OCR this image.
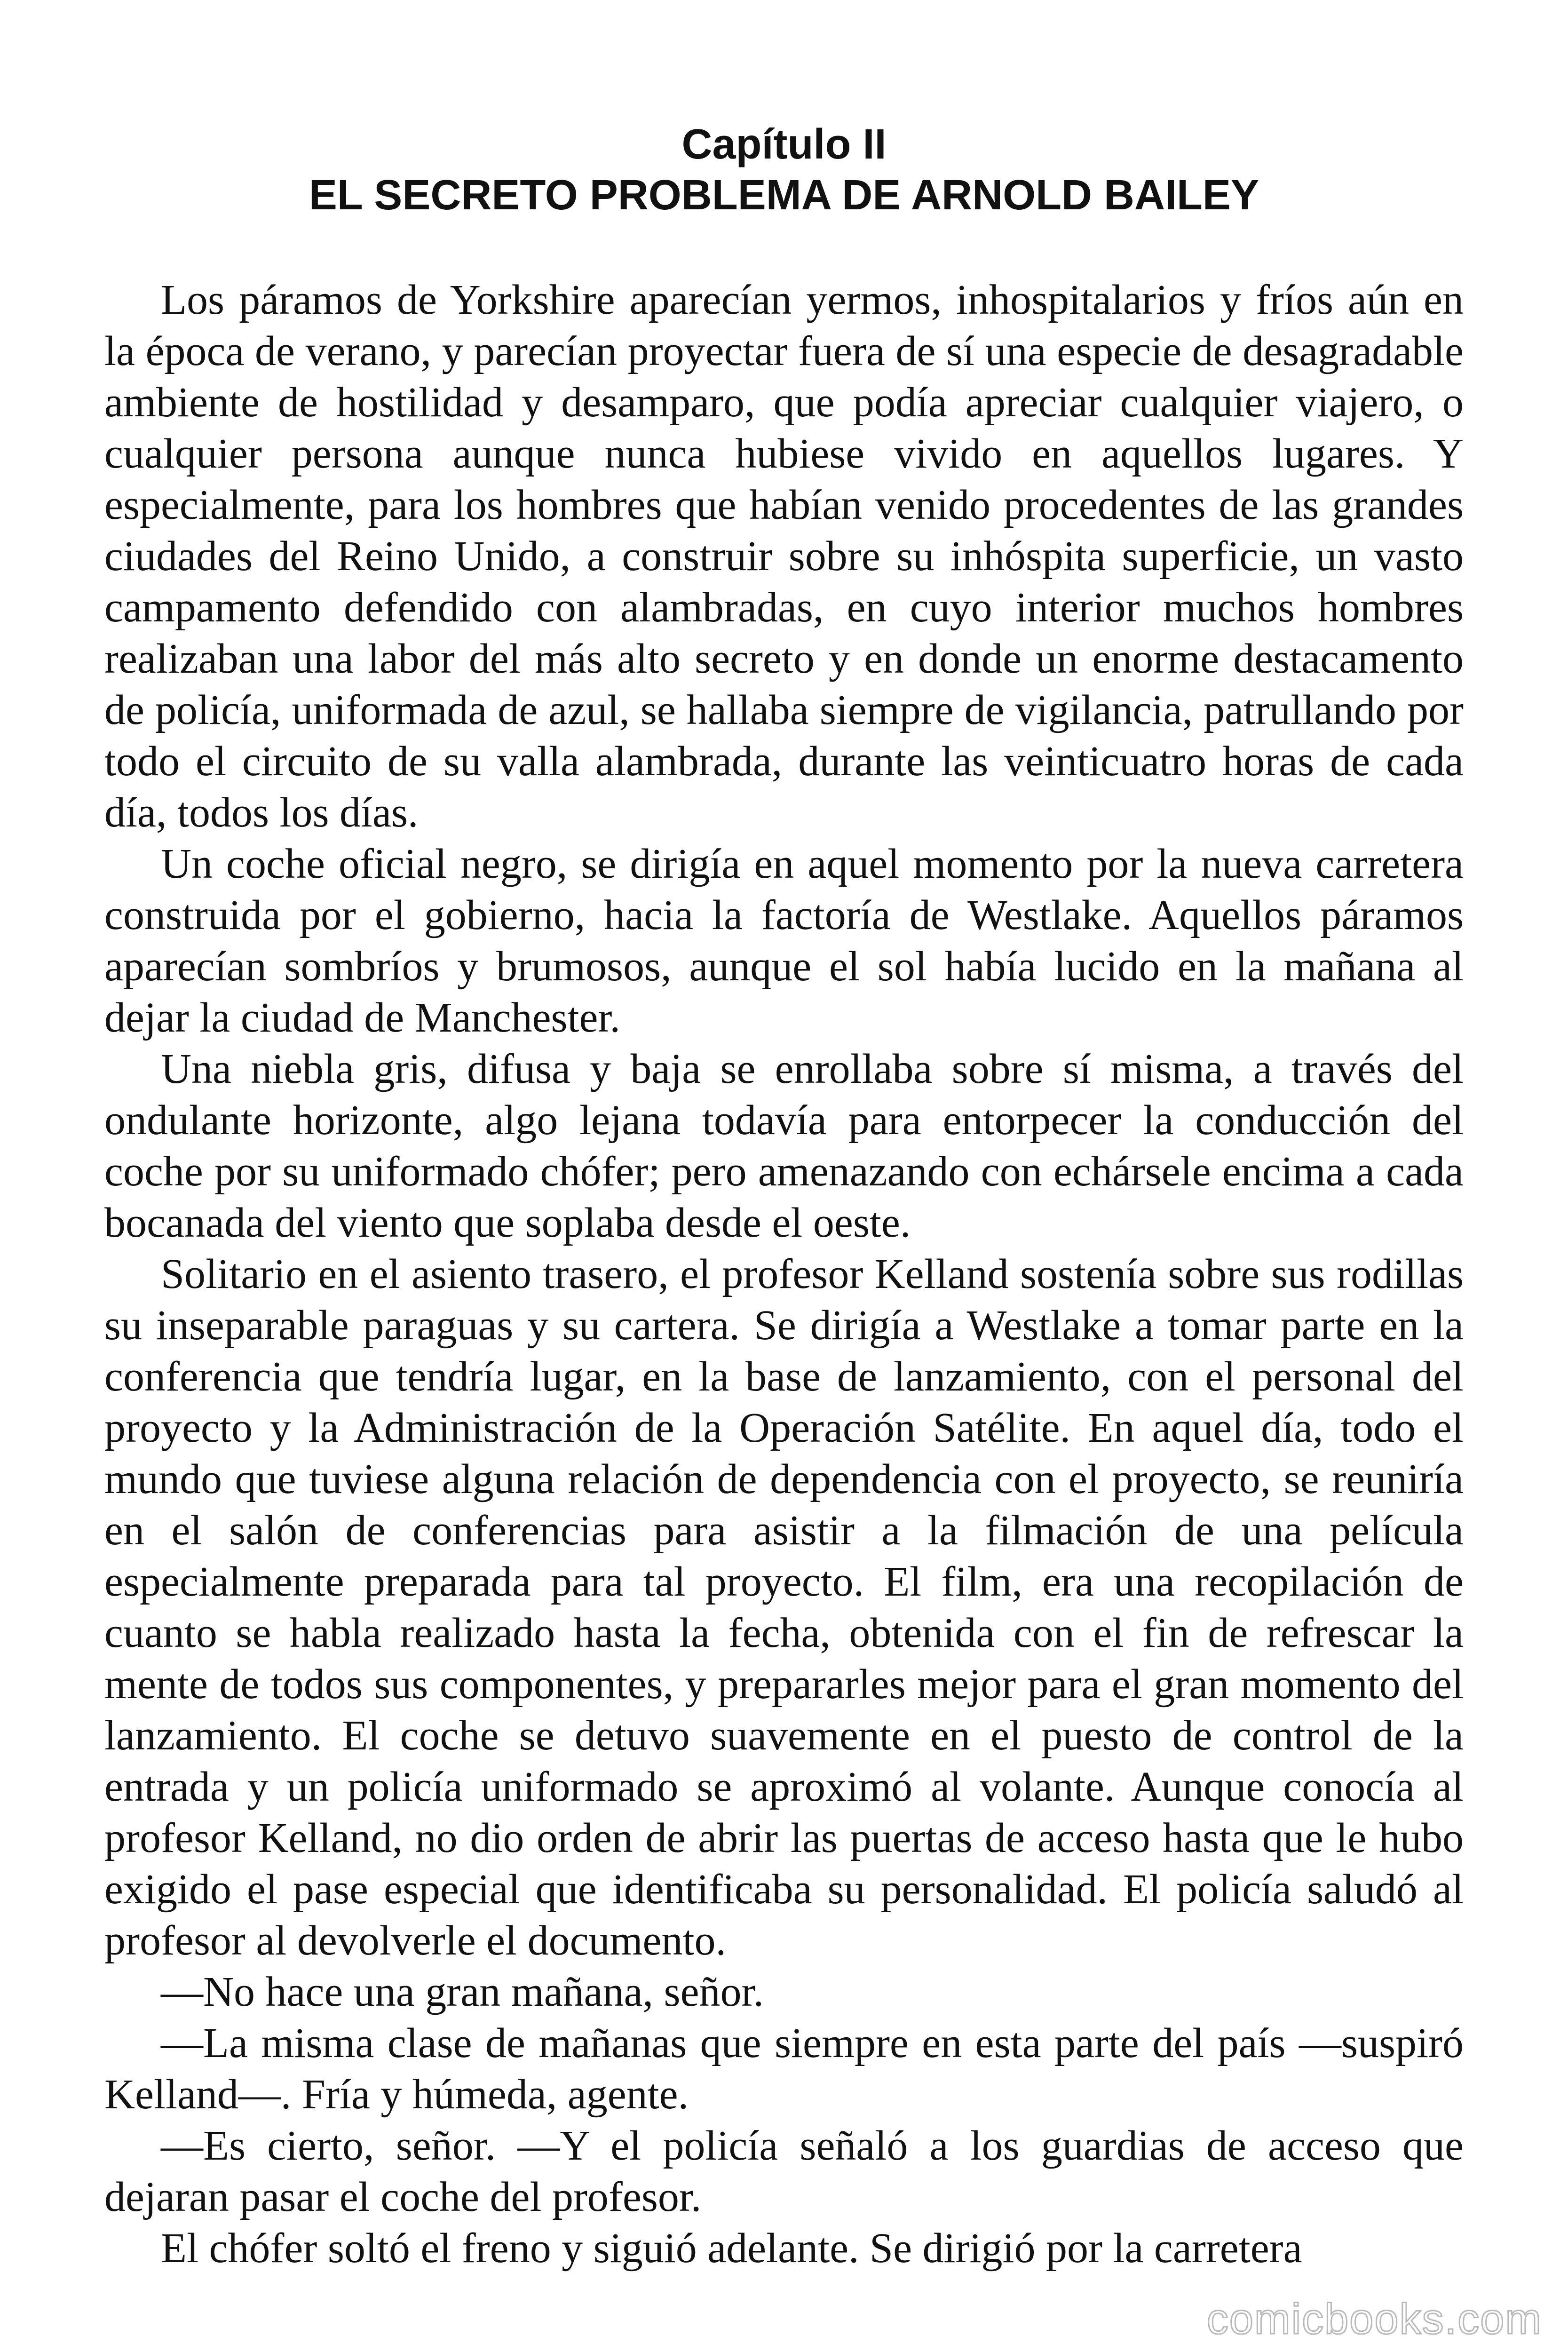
Capítulo II
EL SECRETO PROBLEMA DE ARNOLD BAILEY

Los páramos de Yorkshire aparecían yermos, inhospitalarios y fríos aún en la época de verano, y parecían proyectar fuera de sí una especie de desagradable ambiente de hostilidad y desamparo, que podía apreciar cualquier viajero, o cualquier persona aunque nunca hubiese vivido en aquellos lugares. Y especialmente, para los hombres que habían venido procedentes de las grandes ciudades del Reino Unido, a construir sobre su inhóspita superficie, un vasto campamento defendido con alambradas, en cuyo interior muchos hombres realizaban una labor del más alto secreto y en donde un enorme destacamento de policía, uniformada de azul, se hallaba siempre de vigilancia, patrullando por todo el circuito de su valla alambrada, durante las veinticuatro horas de cada día, todos los días.

Un coche oficial negro, se dirigía en aquel momento por la nueva carretera construida por el gobierno, hacia la factoría de Westlake. Aquellos páramos aparecían sombríos y brumosos, aunque el sol había lucido en la mañana al dejar la ciudad de Manchester.

Una niebla gris, difusa y baja se enrollaba sobre sí misma, a través del ondulante horizonte, algo lejana todavía para entorpecer la conducción del coche por su uniformado chófer; pero amenazando con echársele encima a cada bocanada del viento que soplaba desde el oeste.

Solitario en el asiento trasero, el profesor Kelland sostenía sobre sus rodillas su inseparable paraguas y su cartera. Se dirigía a Westlake a tomar parte en la conferencia que tendría lugar, en la base de lanzamiento, con el personal del proyecto y la Administración de la Operación Satélite. En aquel día, todo el mundo que tuviese alguna relación de dependencia con el proyecto, se reuniría en el salón de conferencias para asistir a la filmación de una película especialmente preparada para tal proyecto. El film, era una recopilación de cuanto se habla realizado hasta la fecha, obtenida con el fin de refrescar la mente de todos sus componentes, y prepararles mejor para el gran momento del lanzamiento. El coche se detuvo suavemente en el puesto de control de la entrada y un policía uniformado se aproximó al volante. Aunque conocía al profesor Kelland, no dio orden de abrir las puertas de acceso hasta que le hubo exigido el pase especial que identificaba su personalidad. El policía saludó al profesor al devolverle el documento.

—No hace una gran mañana, señor.

—La misma clase de mañanas que siempre en esta parte del país —suspiró Kelland—. Fría y húmeda, agente.

—Es cierto, señor. —Y el policía señaló a los guardias de acceso que dejaran pasar el coche del profesor.

El chófer soltó el freno y siguió adelante. Se dirigió por la carretera

comicbooks.com
